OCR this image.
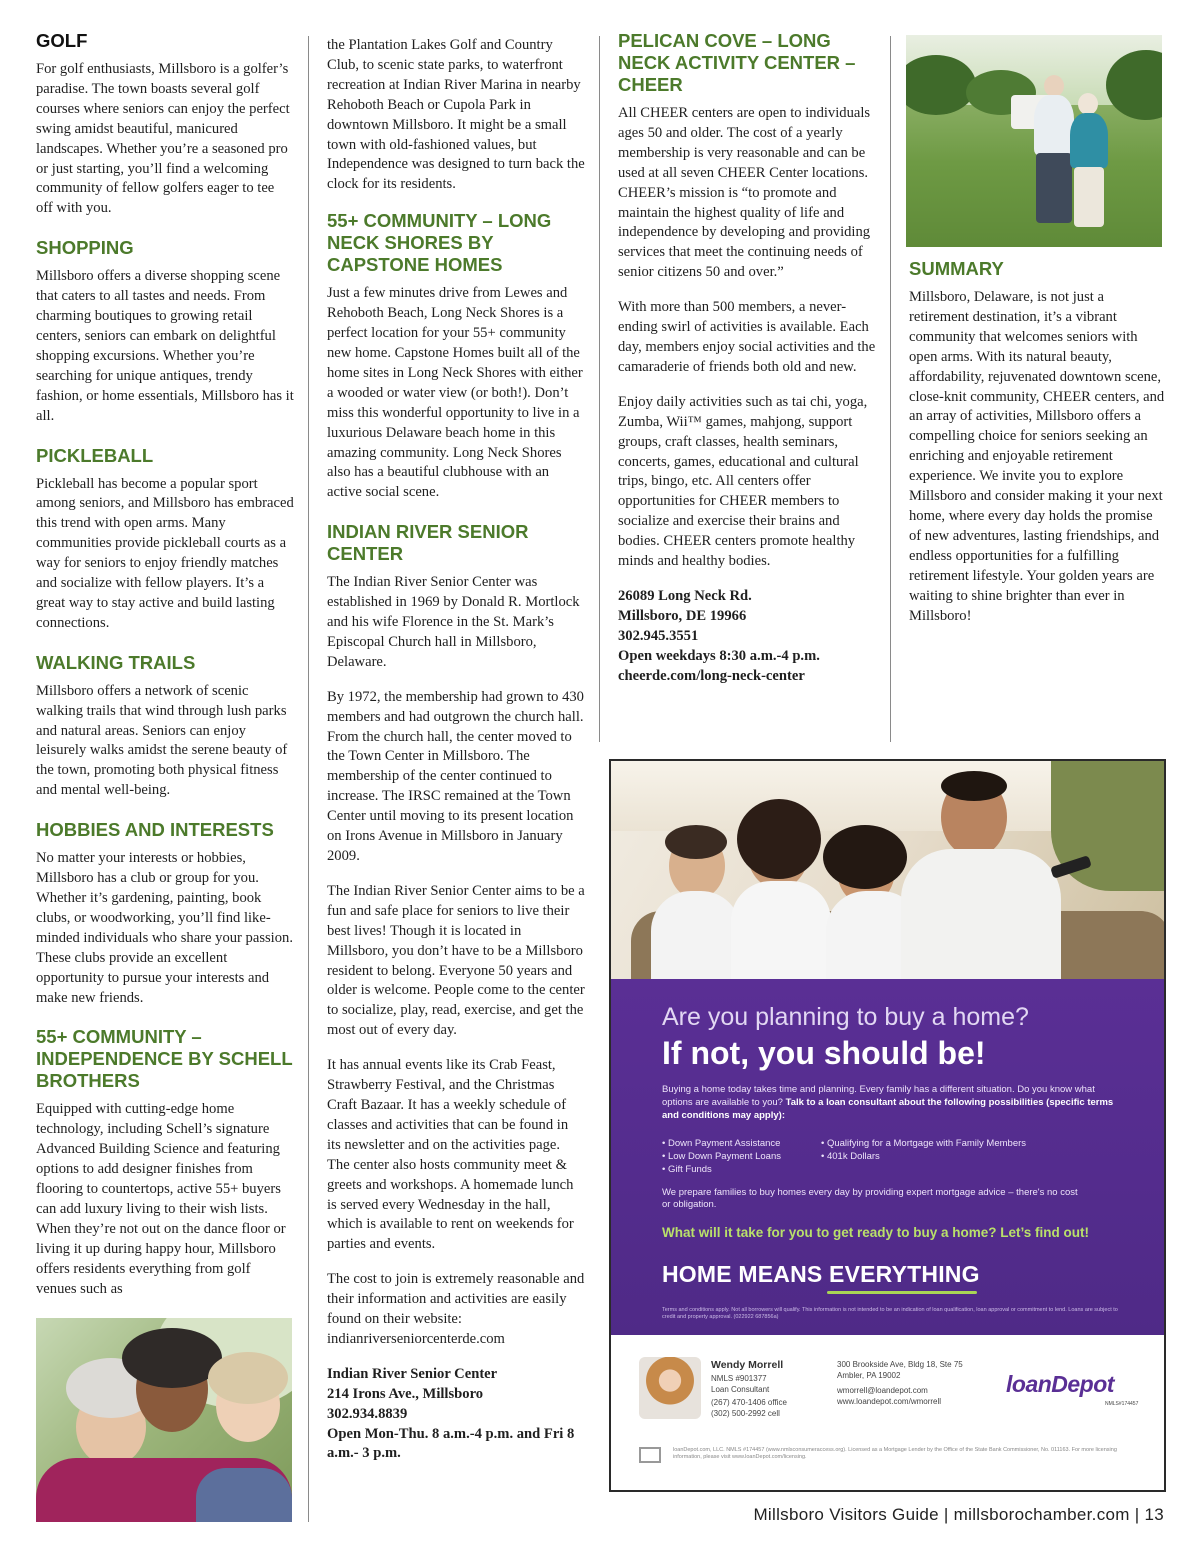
GOLF

For golf enthusiasts, Millsboro is a golfer’s paradise. The town boasts several golf courses where seniors can enjoy the perfect swing amidst beautiful, manicured landscapes. Whether you’re a seasoned pro or just starting, you’ll find a welcoming community of fellow golfers eager to tee off with you.

SHOPPING

Millsboro offers a diverse shopping scene that caters to all tastes and needs. From charming boutiques to growing retail centers, seniors can embark on delightful shopping excursions. Whether you’re searching for unique antiques, trendy fashion, or home essentials, Millsboro has it all.

PICKLEBALL

Pickleball has become a popular sport among seniors, and Millsboro has embraced this trend with open arms. Many communities provide pickleball courts as a way for seniors to enjoy friendly matches and socialize with fellow players. It’s a great way to stay active and build lasting connections.

WALKING TRAILS

Millsboro offers a network of scenic walking trails that wind through lush parks and natural areas. Seniors can enjoy leisurely walks amidst the serene beauty of the town, promoting both physical fitness and mental well-being.

HOBBIES AND INTERESTS

No matter your interests or hobbies, Millsboro has a club or group for you. Whether it’s gardening, painting, book clubs, or woodworking, you’ll find like-minded individuals who share your passion. These clubs provide an excellent opportunity to pursue your interests and make new friends.

55+ COMMUNITY – INDEPENDENCE BY SCHELL BROTHERS

Equipped with cutting-edge home technology, including Schell’s signature Advanced Building Science and featuring options to add designer finishes from flooring to countertops, active 55+ buyers can add luxury living to their wish lists. When they’re not out on the dance floor or living it up during happy hour, Millsboro offers residents everything from golf venues such as

the Plantation Lakes Golf and Country Club, to scenic state parks, to waterfront recreation at Indian River Marina in nearby Rehoboth Beach or Cupola Park in downtown Millsboro. It might be a small town with old-fashioned values, but Independence was designed to turn back the clock for its residents.

55+ COMMUNITY – LONG NECK SHORES BY CAPSTONE HOMES

Just a few minutes drive from Lewes and Rehoboth Beach, Long Neck Shores is a perfect location for your 55+ community new home. Capstone Homes built all of the home sites in Long Neck Shores with either a wooded or water view (or both!). Don’t miss this wonderful opportunity to live in a luxurious Delaware beach home in this amazing community. Long Neck Shores also has a beautiful clubhouse with an active social scene.

INDIAN RIVER SENIOR CENTER

The Indian River Senior Center was established in 1969 by Donald R. Mortlock and his wife Florence in the St. Mark’s Episcopal Church hall in Millsboro, Delaware.

By 1972, the membership had grown to 430 members and had outgrown the church hall. From the church hall, the center moved to the Town Center in Millsboro. The membership of the center continued to increase. The IRSC remained at the Town Center until moving to its present location on Irons Avenue in Millsboro in January 2009.

The Indian River Senior Center aims to be a fun and safe place for seniors to live their best lives! Though it is located in Millsboro, you don’t have to be a Millsboro resident to belong. Everyone 50 years and older is welcome. People come to the center to socialize, play, read, exercise, and get the most out of every day.

It has annual events like its Crab Feast, Strawberry Festival, and the Christmas Craft Bazaar. It has a weekly schedule of classes and activities that can be found in its newsletter and on the activities page. The center also hosts community meet & greets and workshops. A homemade lunch is served every Wednesday in the hall, which is available to rent on weekends for parties and events.

The cost to join is extremely reasonable and their information and activities are easily found on their website: indianriverseniorcenterde.com

Indian River Senior Center

214 Irons Ave., Millsboro

302.934.8839

Open Mon-Thu. 8 a.m.-4 p.m. and Fri 8 a.m.- 3 p.m.

PELICAN COVE – LONG NECK ACTIVITY CENTER – CHEER

All CHEER centers are open to individuals ages 50 and older. The cost of a yearly membership is very reasonable and can be used at all seven CHEER Center locations. CHEER’s mission is “to promote and maintain the highest quality of life and independence by developing and providing services that meet the continuing needs of senior citizens 50 and over.”

With more than 500 members, a never-ending swirl of activities is available. Each day, members enjoy social activities and the camaraderie of friends both old and new.

Enjoy daily activities such as tai chi, yoga, Zumba, Wii™ games, mahjong, support groups, craft classes, health seminars, concerts, games, educational and cultural trips, bingo, etc. All centers offer opportunities for CHEER members to socialize and exercise their brains and bodies. CHEER centers promote healthy minds and healthy bodies.

26089 Long Neck Rd.

Millsboro, DE 19966

302.945.3551

Open weekdays 8:30 a.m.-4 p.m.

cheerde.com/long-neck-center

SUMMARY

Millsboro, Delaware, is not just a retirement destination, it’s a vibrant community that welcomes seniors with open arms. With its natural beauty, affordability, rejuvenated downtown scene, close-knit community, CHEER centers, and an array of activities, Millsboro offers a compelling choice for seniors seeking an enriching and enjoyable retirement experience. We invite you to explore Millsboro and consider making it your next home, where every day holds the promise of new adventures, lasting friendships, and endless opportunities for a fulfilling retirement lifestyle. Your golden years are waiting to shine brighter than ever in Millsboro!

Are you planning to buy a home?
If not, you should be!
Buying a home today takes time and planning. Every family has a different situation. Do you know what options are available to you? Talk to a loan consultant about the following possibilities (specific terms and conditions may apply):
• Down Payment Assistance
• Low Down Payment Loans
• Gift Funds
• Qualifying for a Mortgage with Family Members
• 401k Dollars
We prepare families to buy homes every day by providing expert mortgage advice – there's no cost or obligation.
What will it take for you to get ready to buy a home? Let’s find out!
HOME MEANS EVERYTHING
Terms and conditions apply. Not all borrowers will qualify. This information is not intended to be an indication of loan qualification, loan approval or commitment to lend. Loans are subject to credit and property approval. (022922 687856a)
Wendy Morrell
NMLS #901377
Loan Consultant
(267) 470-1406 office
(302) 500-2992 cell
300 Brookside Ave, Bldg 18, Ste 75
Ambler, PA 19002
wmorrell@loandepot.com
www.loandepot.com/wmorrell
loanDepot
NMLS#174457
loanDepot.com, LLC. NMLS #174457 (www.nmlsconsumeraccess.org). Licensed as a Mortgage Lender by the Office of the State Bank Commissioner, No. 011163. For more licensing information, please visit www.loanDepot.com/licensing.
Millsboro Visitors Guide | millsborochamber.com | 13
